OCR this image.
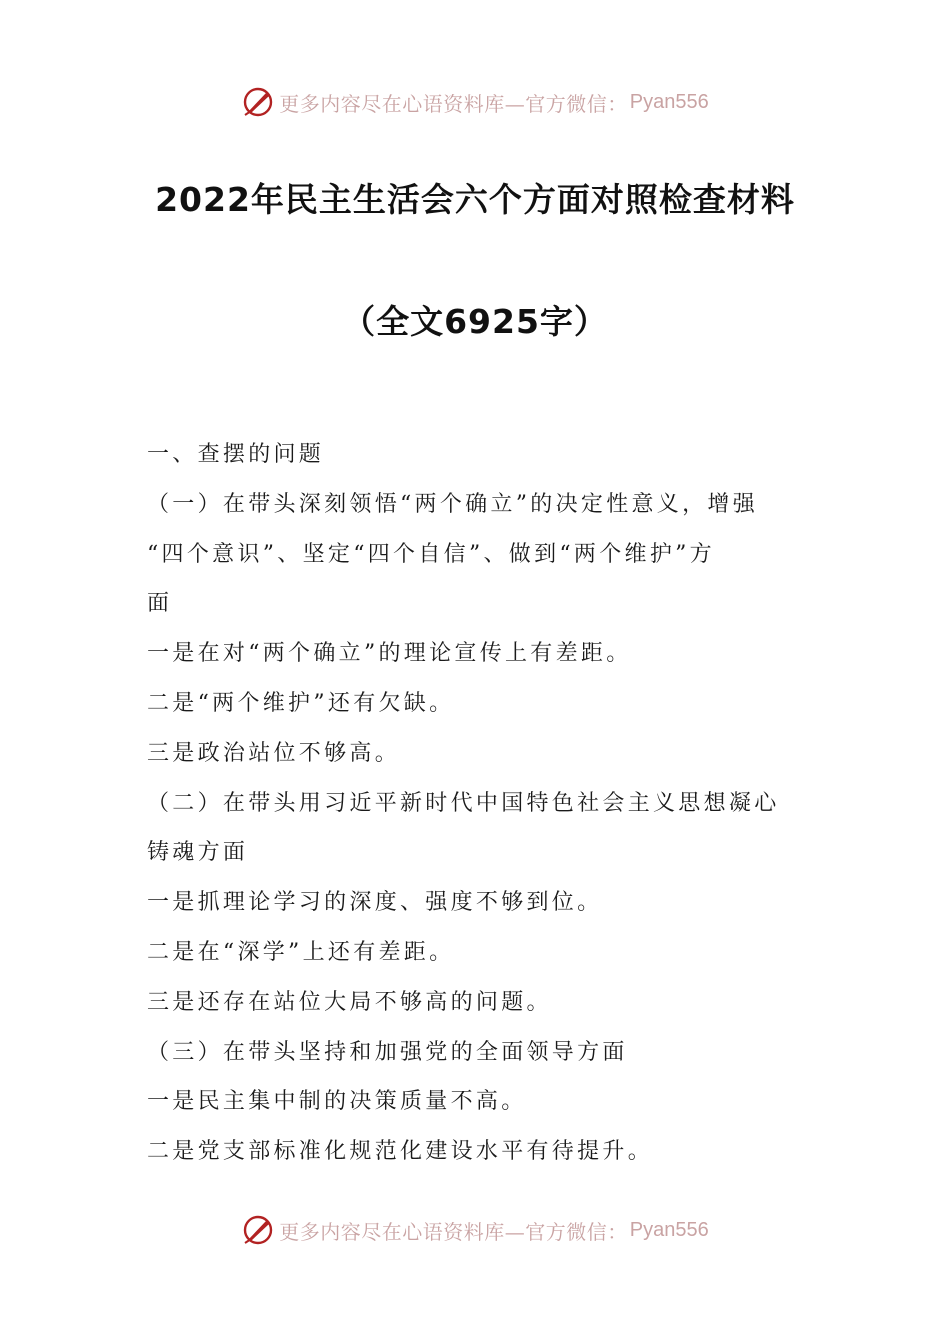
更多内容尽在心语资料库—官方微信： Pyan556
2022年民主生活会六个方面对照检查材料
（全文6925字）
一、查摆的问题
（一）在带头深刻领悟“两个确立”的决定性意义，增强
“四个意识”、坚定“四个自信”、做到“两个维护”方
面
一是在对“两个确立”的理论宣传上有差距。
二是“两个维护”还有欠缺。
三是政治站位不够高。
（二）在带头用习近平新时代中国特色社会主义思想凝心
铸魂方面
一是抓理论学习的深度、强度不够到位。
二是在“深学”上还有差距。
三是还存在站位大局不够高的问题。
（三）在带头坚持和加强党的全面领导方面
一是民主集中制的决策质量不高。
二是党支部标准化规范化建设水平有待提升。
更多内容尽在心语资料库—官方微信： Pyan556
